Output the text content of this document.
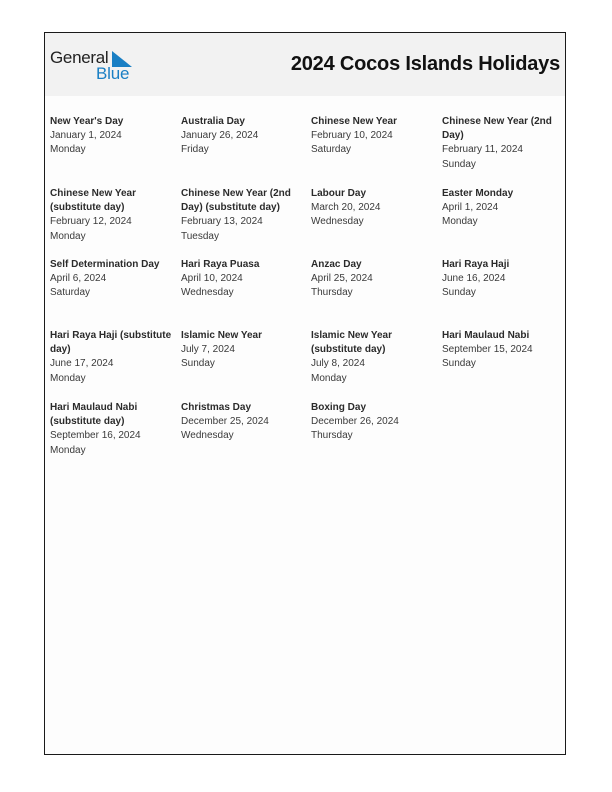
General
Blue	2024 Cocos Islands Holidays
New Year's Day
January 1, 2024
Monday
Australia Day
January 26, 2024
Friday
Chinese New Year
February 10, 2024
Saturday
Chinese New Year (2nd Day)
February 11, 2024
Sunday
Chinese New Year (substitute day)
February 12, 2024
Monday
Chinese New Year (2nd Day) (substitute day)
February 13, 2024
Tuesday
Labour Day
March 20, 2024
Wednesday
Easter Monday
April 1, 2024
Monday
Self Determination Day
April 6, 2024
Saturday
Hari Raya Puasa
April 10, 2024
Wednesday
Anzac Day
April 25, 2024
Thursday
Hari Raya Haji
June 16, 2024
Sunday
Hari Raya Haji (substitute day)
June 17, 2024
Monday
Islamic New Year
July 7, 2024
Sunday
Islamic New Year (substitute day)
July 8, 2024
Monday
Hari Maulaud Nabi
September 15, 2024
Sunday
Hari Maulaud Nabi (substitute day)
September 16, 2024
Monday
Christmas Day
December 25, 2024
Wednesday
Boxing Day
December 26, 2024
Thursday
